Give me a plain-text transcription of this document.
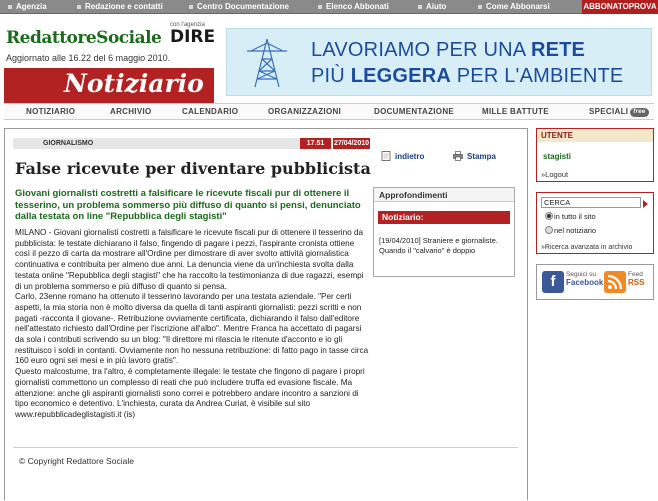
Agenzia	Redazione e contatti	Centro Documentazione	Elenco Abbonati	Aiuto	Come Abbonarsi	ABBONATOPROVA
RedattoreSociale
con l'agenzia
DIRE
Aggiornato alle 16.22 del 6 maggio 2010.
Notiziario
LAVORIAMO PER UNA RETE
PIÙ LEGGERA PER L'AMBIENTE
NOTIZIARIO	ARCHIVIO	CALENDARIO	ORGANIZZAZIONI	DOCUMENTAZIONE	MILLE BATTUTE	SPECIALI free
GIORNALISMO	17.51	27/04/2010
False ricevute per diventare pubblicista
Giovani giornalisti costretti a falsificare le ricevute fiscali pur di ottenere il tesserino, un problema sommerso più diffuso di quanto si pensi, denunciato dalla testata on line "Repubblica degli stagisti"

MILANO - Giovani giornalisti costretti a falsificare le ricevute fiscali pur di ottenere il tesserino da pubblicista: le testate dichiarano il falso, fingendo di pagare i pezzi, l'aspirante cronista ottiene così il pezzo di carta da mostrare all'Ordine per dimostrare di aver svolto attività giornalistica continuativa e contribuita per almeno due anni. La denuncia viene da un'inchiesta svolta dalla testata online "Repubblica degli stagisti" che ha raccolto la testimonianza di due ragazzi, esempi di un problema sommerso e più diffuso di quanto si pensa.

Carlo, 23enne romano ha ottenuto il tesserino lavorando per una testata aziendale. "Per certi aspetti, la mia storia non è molto diversa da quella di tanti aspiranti giornalisti: pezzi scritti e non pagati -racconta il giovane-. Retribuzione ovviamente certificata, dichiarando il falso dall'editore nell'attestato richiesto dall'Ordine per l'iscrizione all'albo". Mentre Franca ha accettato di pagarsi da sola i contributi scrivendo su un blog: "Il direttore mi rilascia le ritenute d'acconto e io gli restituisco i soldi in contanti. Ovviamente non ho nessuna retribuzione: di fatto pago in tasse circa 160 euro ogni sei mesi e in più lavoro gratis".

Questo malcostume, tra l'altro, è completamente illegale: le testate che fingono di pagare i propri giornalisti commettono un complesso di reati che può includere truffa ed evasione fiscale. Ma attenzione: anche gli aspiranti giornalisti sono correi e potrebbero andare incontro a sanzioni di tipo economico e detentivo. L'inchiesta, curata da Andrea Curiat, è visibile sul sito www.repubblicadeglistagisti.it (is)

© Copyright Redattore Sociale
indietro	Stampa
Approfondimenti
Notiziario:
[19/04/2010] Straniere e giornaliste. Quando il "calvario" è doppio
UTENTE
stagisti
»Logout
CERCA
in tutto il sito
nel notiziario
»Ricerca avanzata in archivio
f	Seguici su
Facebook
Feed
RSS
